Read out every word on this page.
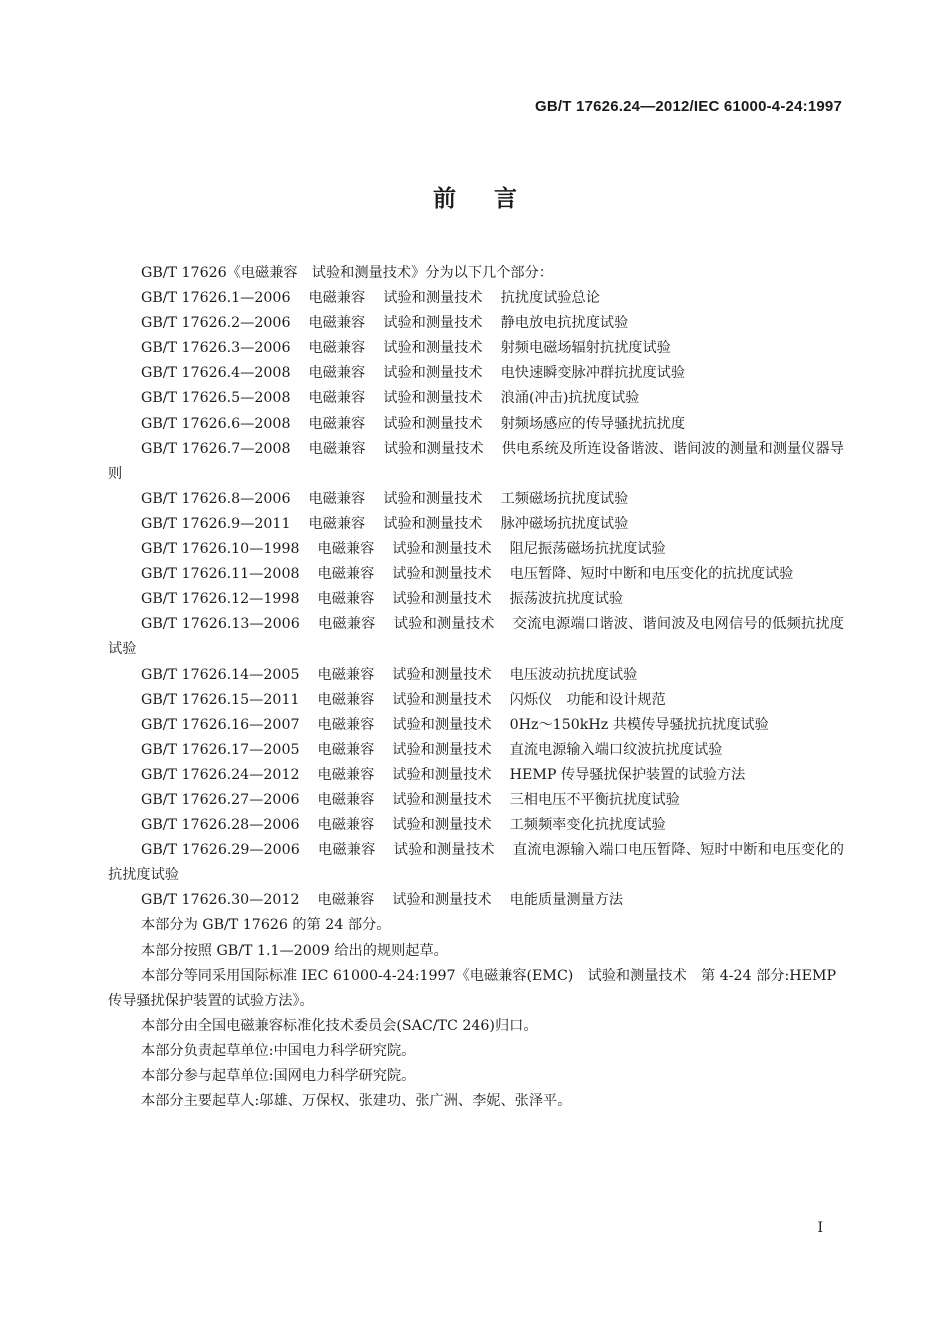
GB/T 17626.24—2012/IEC 61000-4-24:1997
前言

GB/T 17626《电磁兼容　试验和测量技术》分为以下几个部分：

GB/T 17626.1—2006 电磁兼容 试验和测量技术 抗扰度试验总论

GB/T 17626.2—2006 电磁兼容 试验和测量技术 静电放电抗扰度试验

GB/T 17626.3—2006 电磁兼容 试验和测量技术 射频电磁场辐射抗扰度试验

GB/T 17626.4—2008 电磁兼容 试验和测量技术 电快速瞬变脉冲群抗扰度试验

GB/T 17626.5—2008 电磁兼容 试验和测量技术 浪涌(冲击)抗扰度试验

GB/T 17626.6—2008 电磁兼容 试验和测量技术 射频场感应的传导骚扰抗扰度

GB/T 17626.7—2008 电磁兼容 试验和测量技术 供电系统及所连设备谐波、谐间波的测量和测量仪器导则

GB/T 17626.8—2006 电磁兼容 试验和测量技术 工频磁场抗扰度试验

GB/T 17626.9—2011 电磁兼容 试验和测量技术 脉冲磁场抗扰度试验

GB/T 17626.10—1998 电磁兼容 试验和测量技术 阻尼振荡磁场抗扰度试验

GB/T 17626.11—2008 电磁兼容 试验和测量技术 电压暂降、短时中断和电压变化的抗扰度试验

GB/T 17626.12—1998 电磁兼容 试验和测量技术 振荡波抗扰度试验

GB/T 17626.13—2006 电磁兼容 试验和测量技术 交流电源端口谐波、谐间波及电网信号的低频抗扰度试验

GB/T 17626.14—2005 电磁兼容 试验和测量技术 电压波动抗扰度试验

GB/T 17626.15—2011 电磁兼容 试验和测量技术 闪烁仪　功能和设计规范

GB/T 17626.16—2007 电磁兼容 试验和测量技术 0Hz～150kHz 共模传导骚扰抗扰度试验

GB/T 17626.17—2005 电磁兼容 试验和测量技术 直流电源输入端口纹波抗扰度试验

GB/T 17626.24—2012 电磁兼容 试验和测量技术 HEMP 传导骚扰保护装置的试验方法

GB/T 17626.27—2006 电磁兼容 试验和测量技术 三相电压不平衡抗扰度试验

GB/T 17626.28—2006 电磁兼容 试验和测量技术 工频频率变化抗扰度试验

GB/T 17626.29—2006 电磁兼容 试验和测量技术 直流电源输入端口电压暂降、短时中断和电压变化的抗扰度试验

GB/T 17626.30—2012 电磁兼容 试验和测量技术 电能质量测量方法

本部分为 GB/T 17626 的第 24 部分。

本部分按照 GB/T 1.1—2009 给出的规则起草。

本部分等同采用国际标准 IEC 61000-4-24:1997《电磁兼容(EMC)　试验和测量技术　第 4-24 部分:HEMP 传导骚扰保护装置的试验方法》。

本部分由全国电磁兼容标准化技术委员会(SAC/TC 246)归口。

本部分负责起草单位:中国电力科学研究院。

本部分参与起草单位:国网电力科学研究院。

本部分主要起草人:邬雄、万保权、张建功、张广洲、李妮、张泽平。

I
